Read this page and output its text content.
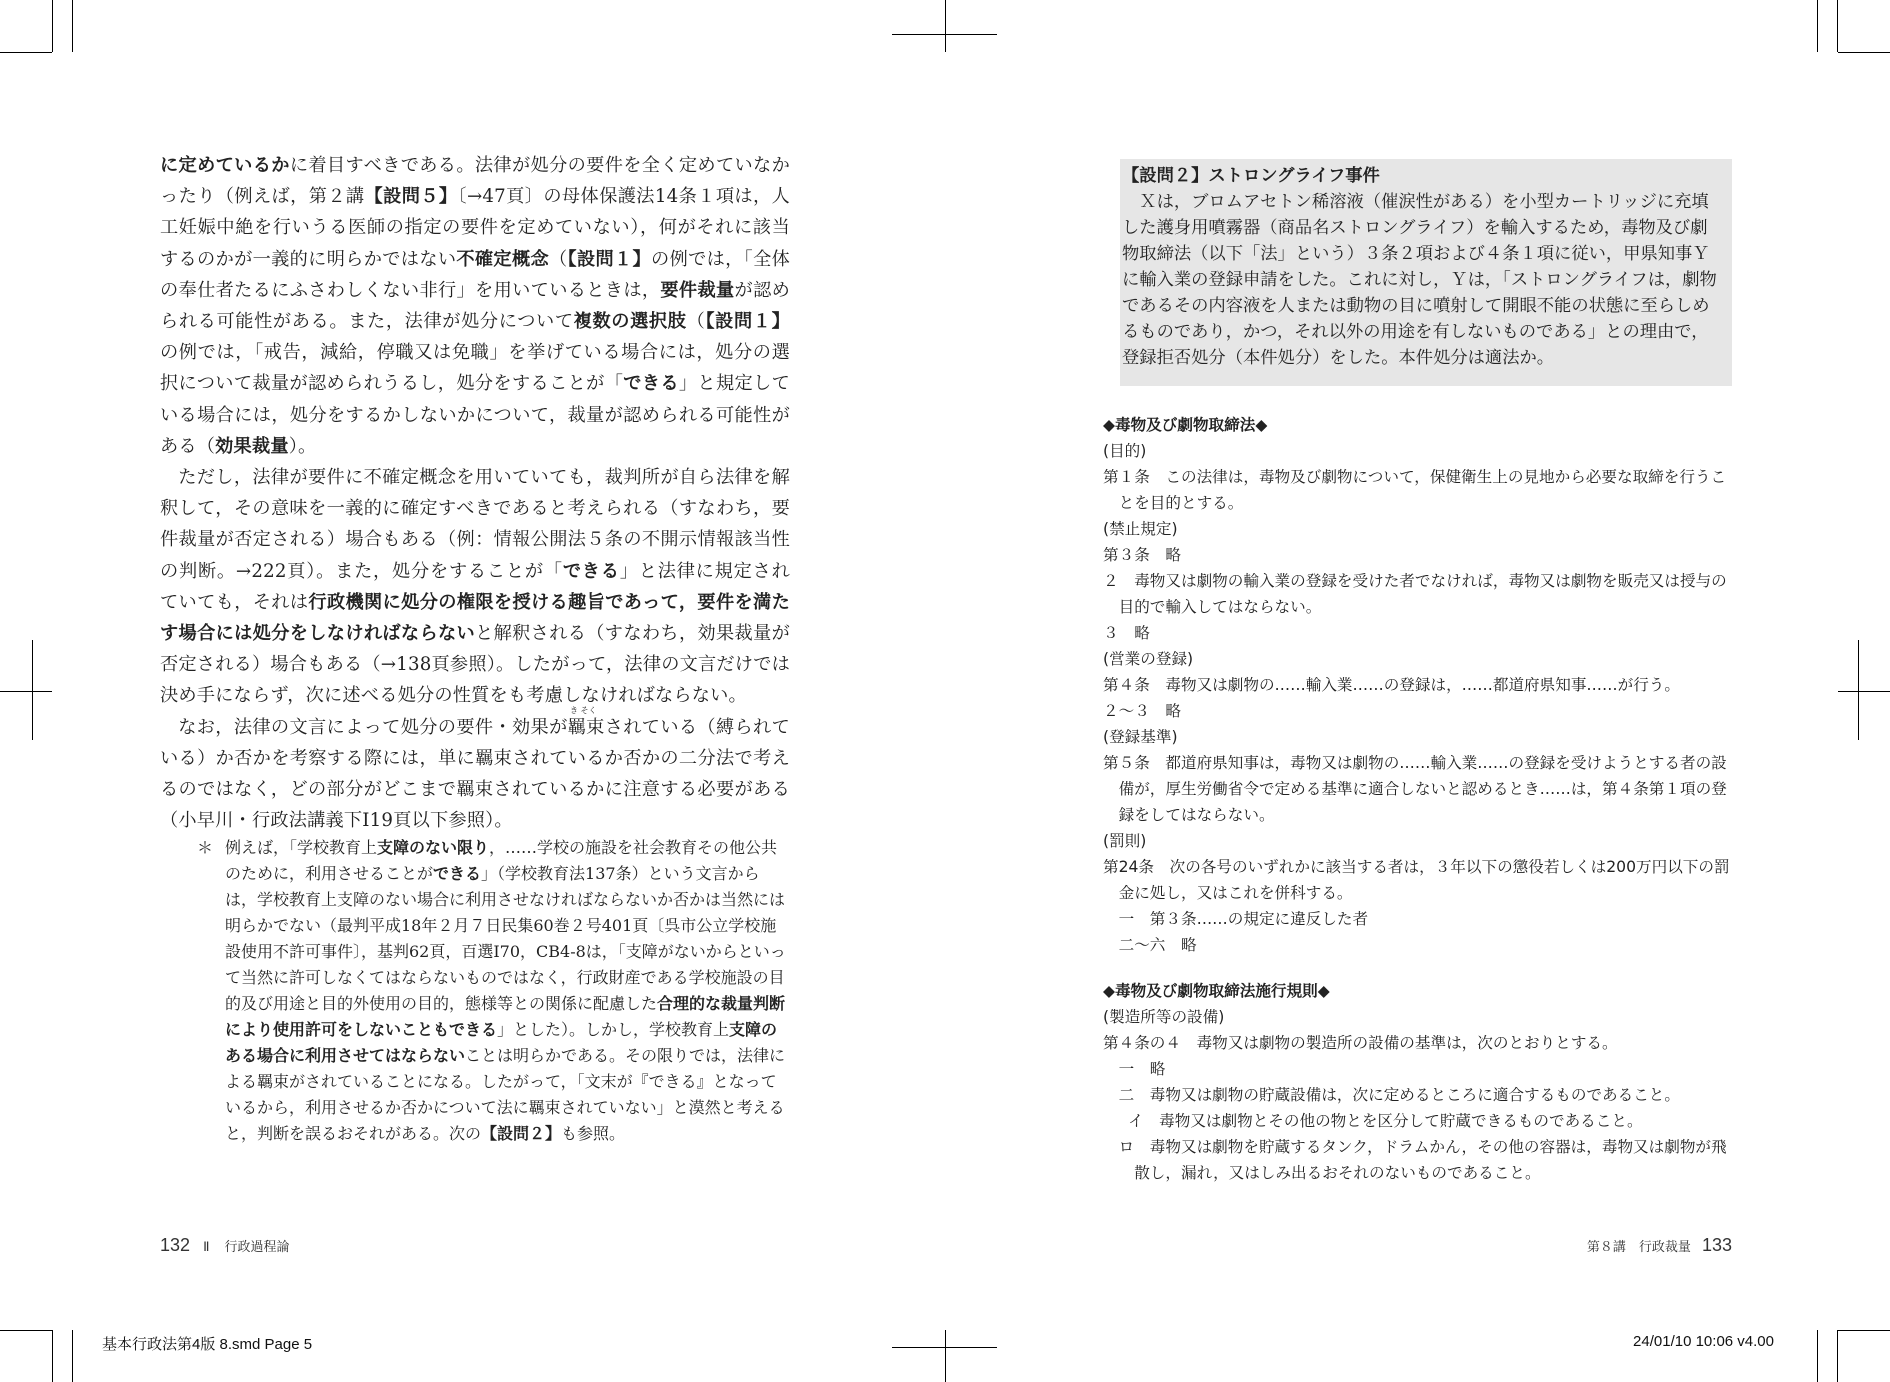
に定めているかに着目すべきである。法律が処分の要件を全く定めていなかったり（例えば，第２講【設問５】〔→47頁〕の母体保護法14条１項は，人工妊娠中絶を行いうる医師の指定の要件を定めていない），何がそれに該当するのかが一義的に明らかではない不確定概念（【設問１】の例では，「全体の奉仕者たるにふさわしくない非行」を用いているときは，要件裁量が認められる可能性がある。また，法律が処分について複数の選択肢（【設問１】の例では，「戒告，減給，停職又は免職」を挙げている場合には，処分の選択について裁量が認められうるし，処分をすることが「できる」と規定している場合には，処分をするかしないかについて，裁量が認められる可能性がある（効果裁量）。

ただし，法律が要件に不確定概念を用いていても，裁判所が自ら法律を解釈して，その意味を一義的に確定すべきであると考えられる（すなわち，要件裁量が否定される）場合もある（例：情報公開法５条の不開示情報該当性の判断。→222頁）。また，処分をすることが「できる」と法律に規定されていても，それは行政機関に処分の権限を授ける趣旨であって，要件を満たす場合には処分をしなければならないと解釈される（すなわち，効果裁量が否定される）場合もある（→138頁参照）。したがって，法律の文言だけでは決め手にならず，次に述べる処分の性質をも考慮しなければならない。

なお，法律の文言によって処分の要件・効果が羈束されている（縛られている）か否かを考察する際には，単に羈束されているか否かの二分法で考えるのではなく，どの部分がどこまで羈束されているかに注意する必要がある（小早川・行政法講義下Ⅰ19頁以下参照）。

き そく
＊ 例えば，「学校教育上支障のない限り，……学校の施設を社会教育その他公共のために，利用させることができる」（学校教育法137条）という文言からは，学校教育上支障のない場合に利用させなければならないか否かは当然には明らかでない（最判平成18年２月７日民集60巻２号401頁〔呉市公立学校施設使用不許可事件〕，基判62頁，百選Ⅰ70，CB4-8は，「支障がないからといって当然に許可しなくてはならないものではなく，行政財産である学校施設の目的及び用途と目的外使用の目的，態様等との関係に配慮した合理的な裁量判断により使用許可をしないこともできる」とした）。しかし，学校教育上支障のある場合に利用させてはならないことは明らかである。その限りでは，法律による羈束がされていることになる。したがって，「文末が『できる』となっているから，利用させるか否かについて法に羈束されていない」と漠然と考えると，判断を誤るおそれがある。次の【設問２】も参照。
132 Ⅱ 行政過程論
【設問２】ストロングライフ事件
Ｘは，ブロムアセトン稀溶液（催涙性がある）を小型カートリッジに充填した護身用噴霧器（商品名ストロングライフ）を輸入するため，毒物及び劇物取締法（以下「法」という）３条２項および４条１項に従い，甲県知事Ｙに輸入業の登録申請をした。これに対し，Ｙは，「ストロングライフは，劇物であるその内容液を人または動物の目に噴射して開眼不能の状態に至らしめるものであり，かつ，それ以外の用途を有しないものである」との理由で，登録拒否処分（本件処分）をした。本件処分は適法か。
◆毒物及び劇物取締法◆
(目的)
第１条　この法律は，毒物及び劇物について，保健衛生上の見地から必要な取締を行うことを目的とする。
(禁止規定)
第３条　略
２　毒物又は劇物の輸入業の登録を受けた者でなければ，毒物又は劇物を販売又は授与の目的で輸入してはならない。
３　略
(営業の登録)
第４条　毒物又は劇物の……輸入業……の登録は，……都道府県知事……が行う。
２〜３　略
(登録基準)
第５条　都道府県知事は，毒物又は劇物の……輸入業……の登録を受けようとする者の設備が，厚生労働省令で定める基準に適合しないと認めるとき……は，第４条第１項の登録をしてはならない。
(罰則)
第24条　次の各号のいずれかに該当する者は，３年以下の懲役若しくは200万円以下の罰金に処し，又はこれを併科する。
一　第３条……の規定に違反した者
二〜六　略
◆毒物及び劇物取締法施行規則◆
(製造所等の設備)
第４条の４　毒物又は劇物の製造所の設備の基準は，次のとおりとする。
一　略
二　毒物又は劇物の貯蔵設備は，次に定めるところに適合するものであること。
イ　毒物又は劇物とその他の物とを区分して貯蔵できるものであること。
ロ　毒物又は劇物を貯蔵するタンク，ドラムかん，その他の容器は，毒物又は劇物が飛散し，漏れ，又はしみ出るおそれのないものであること。
第８講 行政裁量 133
基本行政法第4版 8.smd Page 5	24/01/10 10:06 v4.00
